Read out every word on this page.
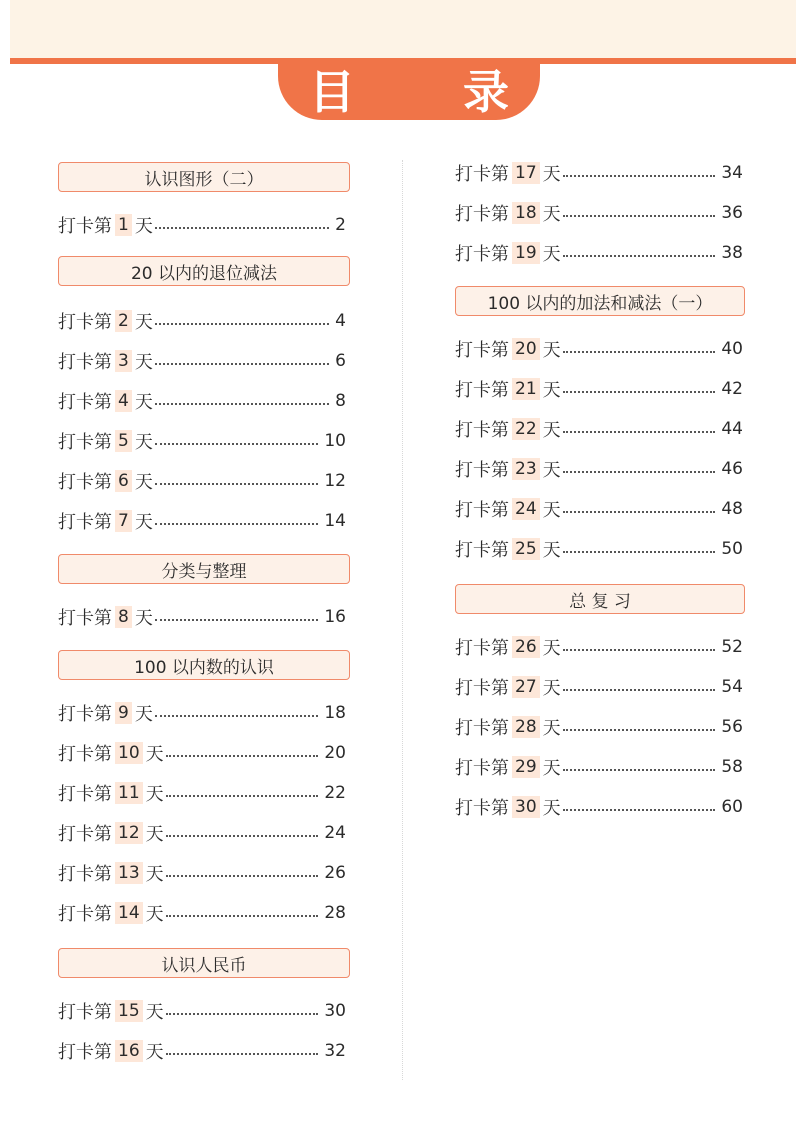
目 录
认识图形（二）
打卡第 1 天	2
20 以内的退位减法
打卡第 2 天	4
打卡第 3 天	6
打卡第 4 天	8
打卡第 5 天	10
打卡第 6 天	12
打卡第 7 天	14
分类与整理
打卡第 8 天	16
100 以内数的认识
打卡第 9 天	18
打卡第 10 天	20
打卡第 11 天	22
打卡第 12 天	24
打卡第 13 天	26
打卡第 14 天	28
认识人民币
打卡第 15 天	30
打卡第 16 天	32
打卡第 17 天	34
打卡第 18 天	36
打卡第 19 天	38
100 以内的加法和减法（一）
打卡第 20 天	40
打卡第 21 天	42
打卡第 22 天	44
打卡第 23 天	46
打卡第 24 天	48
打卡第 25 天	50
总 复 习
打卡第 26 天	52
打卡第 27 天	54
打卡第 28 天	56
打卡第 29 天	58
打卡第 30 天	60
